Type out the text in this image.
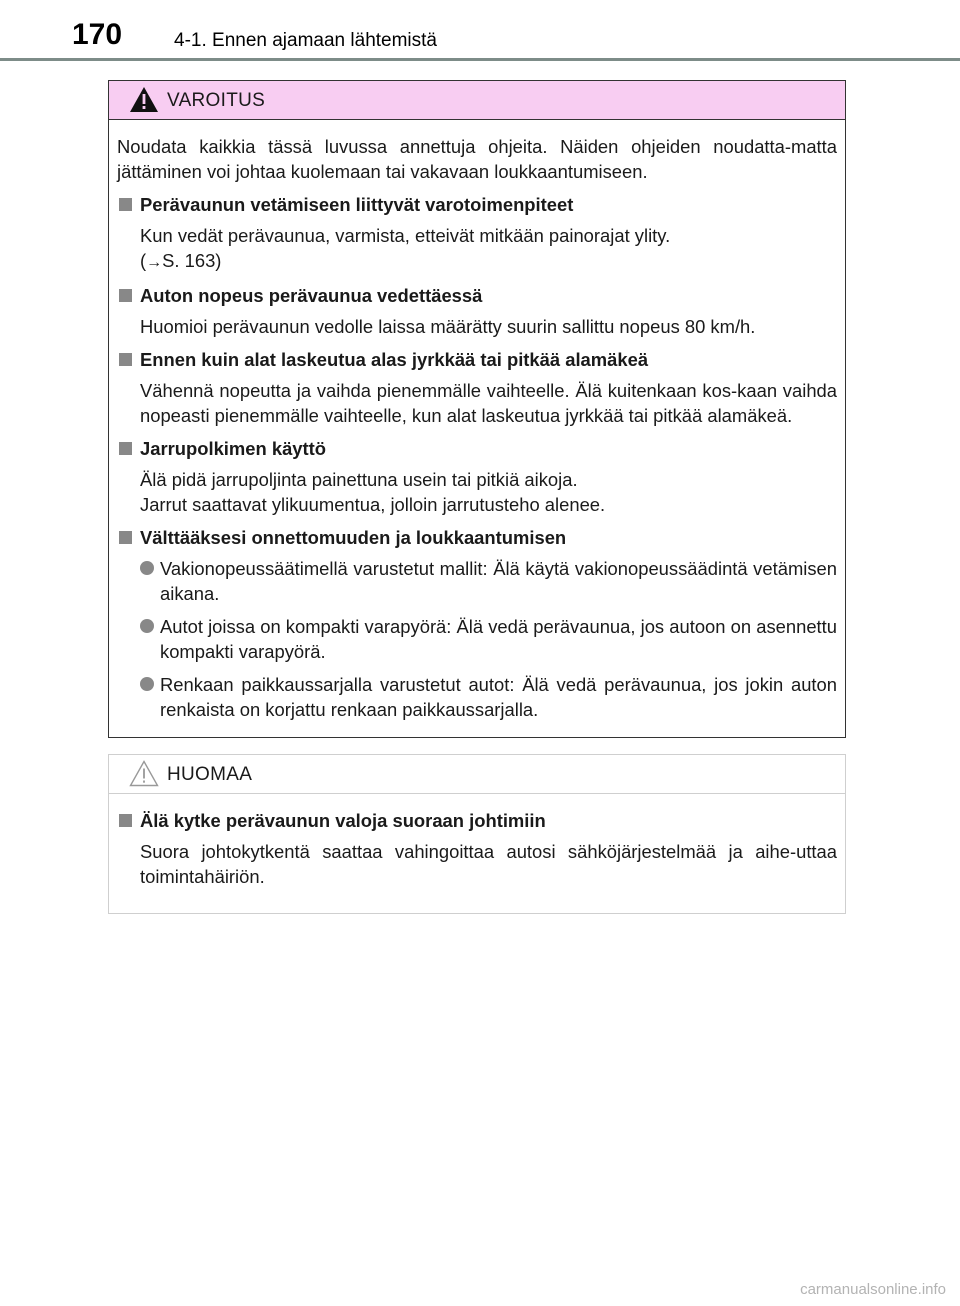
170	4-1. Ennen ajamaan lähtemistä
VAROITUS

Noudata kaikkia tässä luvussa annettuja ohjeita. Näiden ohjeiden noudatta-matta jättäminen voi johtaa kuolemaan tai vakavaan loukkaantumiseen.

Perävaunun vetämiseen liittyvät varotoimenpiteet

Kun vedät perävaunua, varmista, etteivät mitkään painorajat ylity.

(→S. 163)

Auton nopeus perävaunua vedettäessä

Huomioi perävaunun vedolle laissa määrätty suurin sallittu nopeus 80 km/h.

Ennen kuin alat laskeutua alas jyrkkää tai pitkää alamäkeä

Vähennä nopeutta ja vaihda pienemmälle vaihteelle. Älä kuitenkaan kos-kaan vaihda nopeasti pienemmälle vaihteelle, kun alat laskeutua jyrkkää tai pitkää alamäkeä.

Jarrupolkimen käyttö

Älä pidä jarrupoljinta painettuna usein tai pitkiä aikoja.

Jarrut saattavat ylikuumentua, jolloin jarrutusteho alenee.

Välttääksesi onnettomuuden ja loukkaantumisen
Vakionopeussäätimellä varustetut mallit: Älä käytä vakionopeussäädintä vetämisen aikana.
Autot joissa on kompakti varapyörä: Älä vedä perävaunua, jos autoon on asennettu kompakti varapyörä.
Renkaan paikkaussarjalla varustetut autot: Älä vedä perävaunua, jos jokin auton renkaista on korjattu renkaan paikkaussarjalla.
HUOMAA
Älä kytke perävaunun valoja suoraan johtimiin

Suora johtokytkentä saattaa vahingoittaa autosi sähköjärjestelmää ja aihe-uttaa toimintahäiriön.

carmanualsonline.info
